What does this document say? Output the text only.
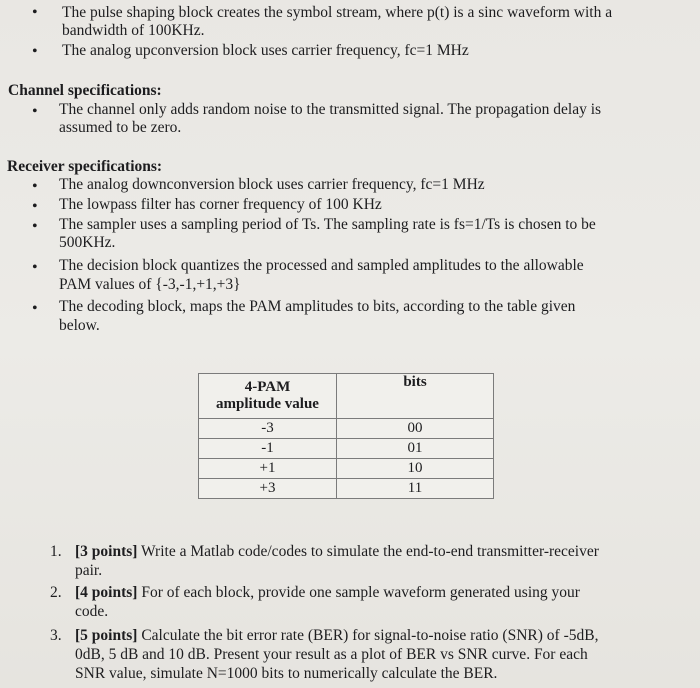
• The pulse shaping block creates the symbol stream, where p(t) is a sinc waveform with a
bandwidth of 100KHz.
• The analog upconversion block uses carrier frequency, fc=1 MHz
Channel specifications:
• The channel only adds random noise to the transmitted signal. The propagation delay is
assumed to be zero.
Receiver specifications:
• The analog downconversion block uses carrier frequency, fc=1 MHz
• The lowpass filter has corner frequency of 100 KHz
• The sampler uses a sampling period of Ts. The sampling rate is fs=1/Ts is chosen to be
500KHz.
• The decision block quantizes the processed and sampled amplitudes to the allowable
PAM values of {-3,-1,+1,+3}
• The decoding block, maps the PAM amplitudes to bits, according to the table given
below.
4-PAM
amplitude value	bits
-3	00
-1	01
+1	10
+3	11
1. [3 points] Write a Matlab code/codes to simulate the end-to-end transmitter-receiver
pair.
2. [4 points] For of each block, provide one sample waveform generated using your
code.
3. [5 points] Calculate the bit error rate (BER) for signal-to-noise ratio (SNR) of -5dB,
0dB, 5 dB and 10 dB. Present your result as a plot of BER vs SNR curve. For each
SNR value, simulate N=1000 bits to numerically calculate the BER.
